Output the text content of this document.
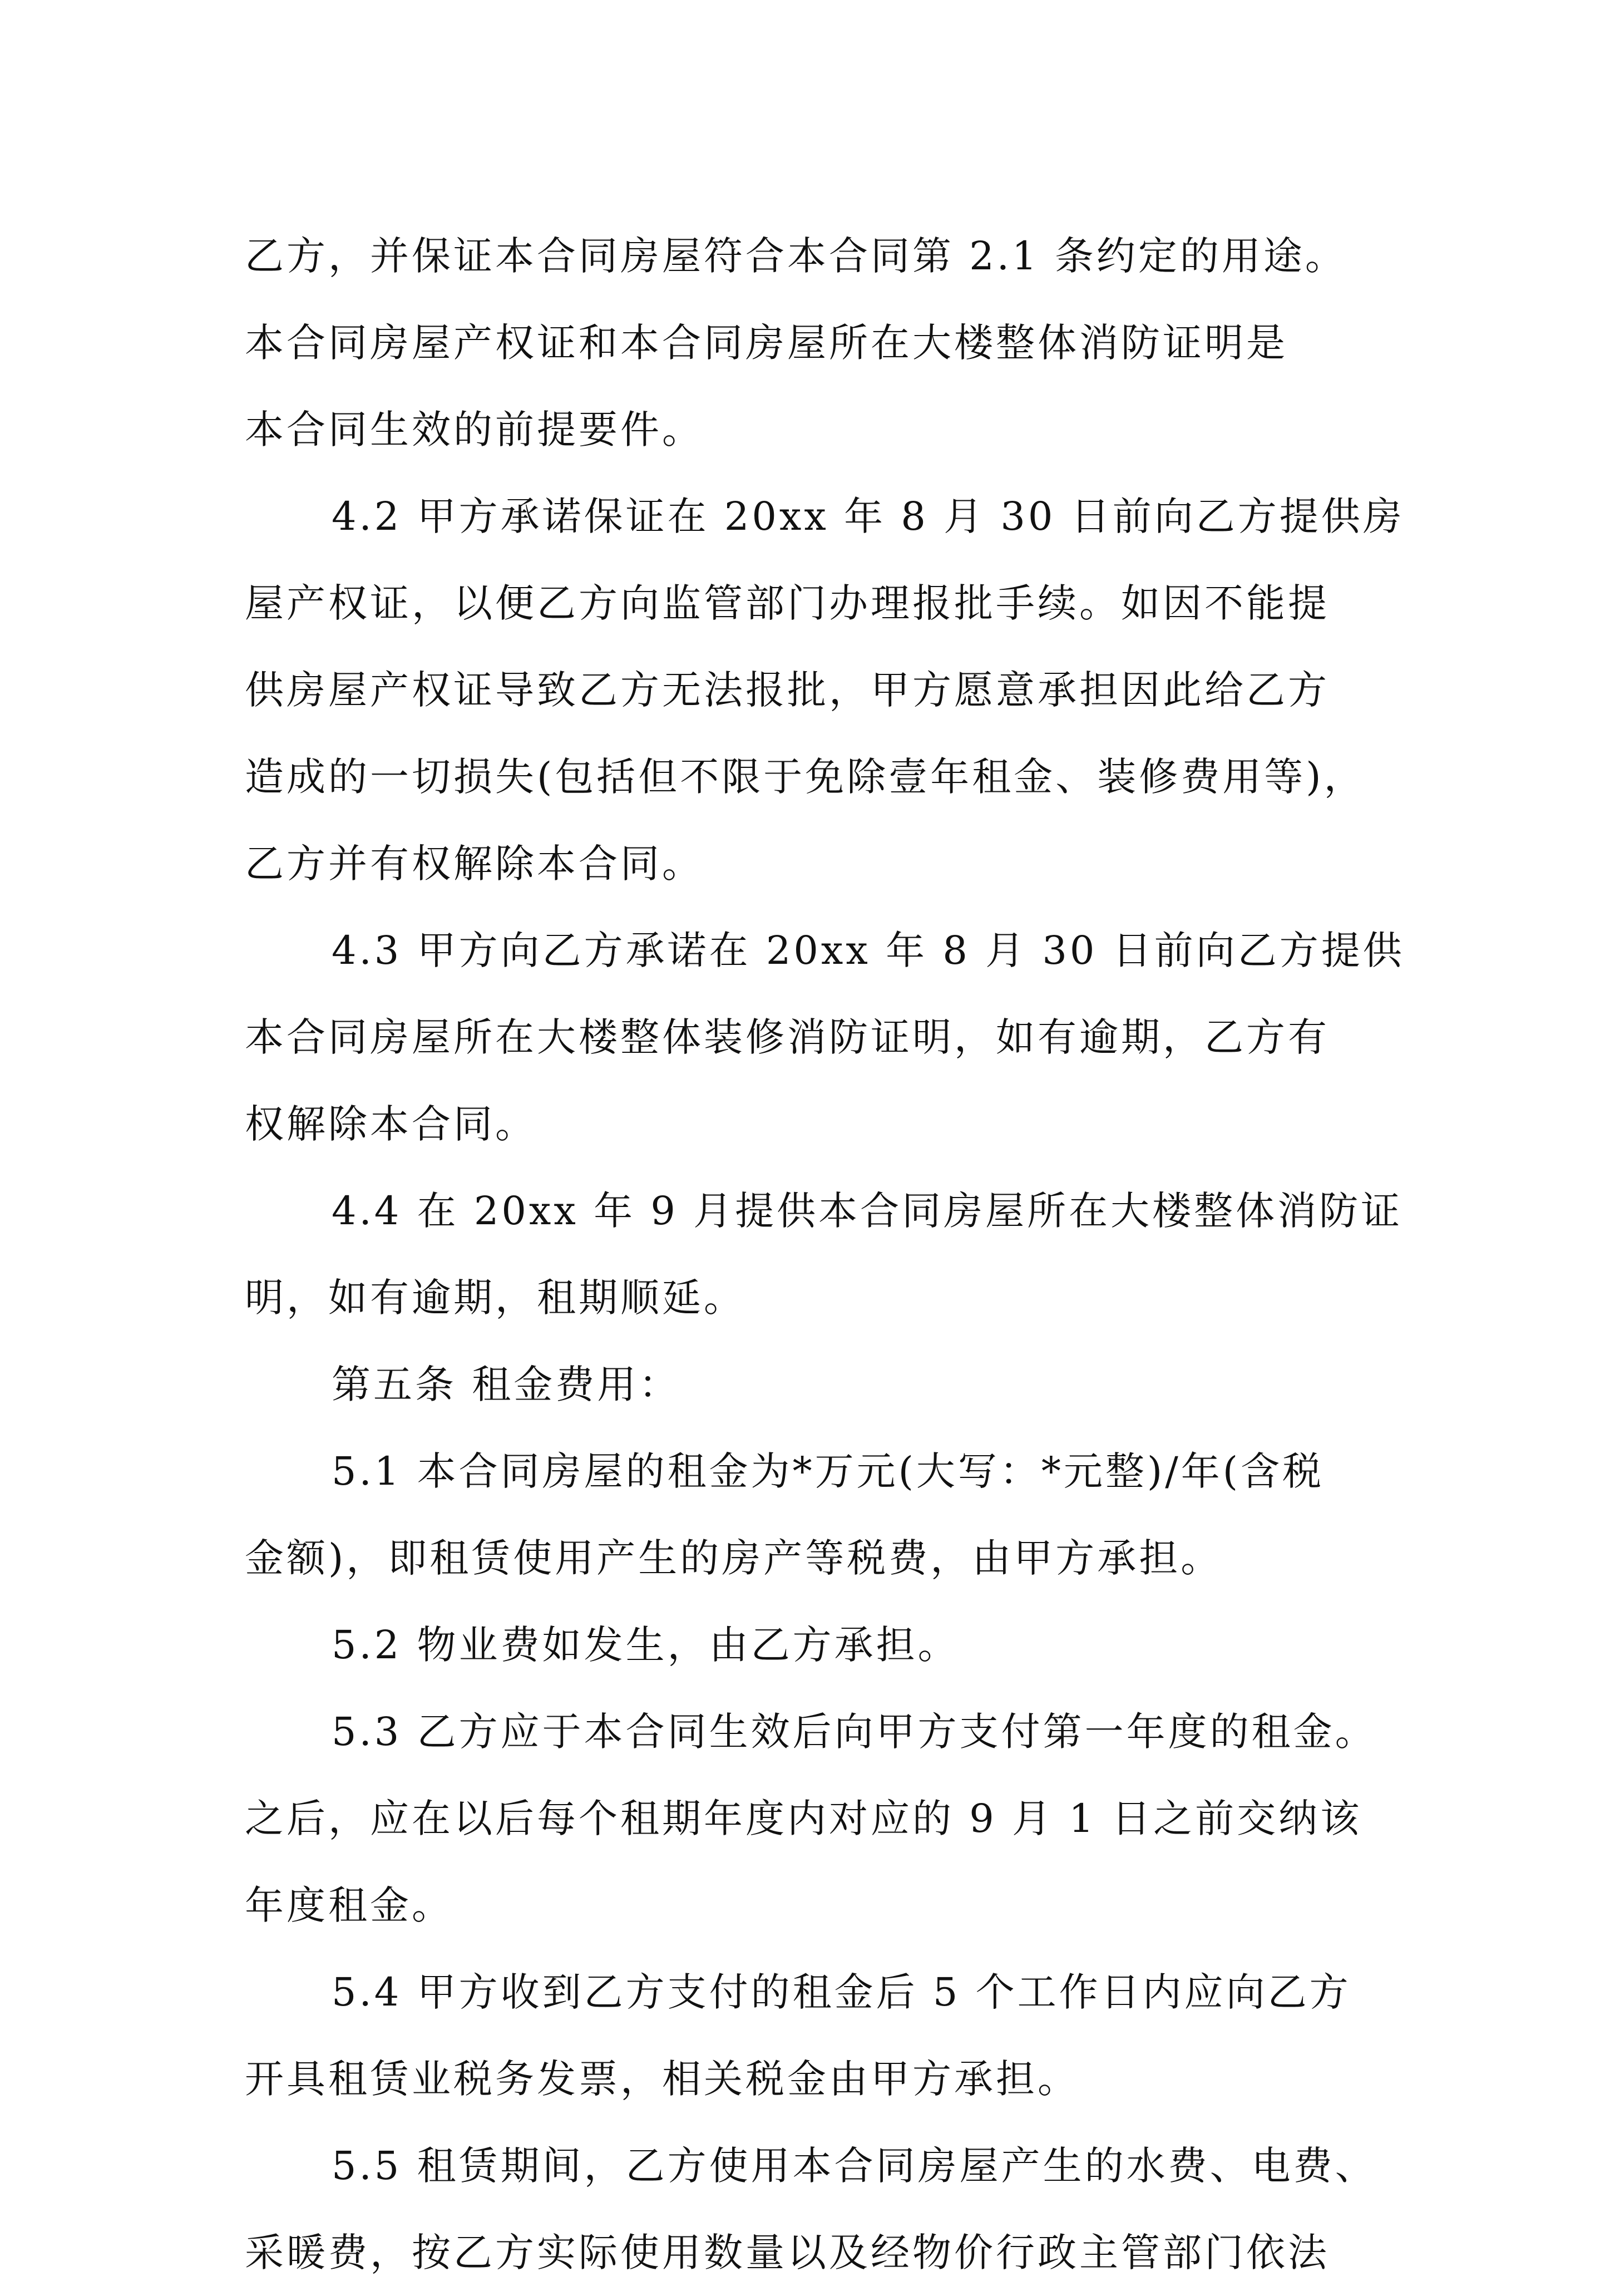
乙方，并保证本合同房屋符合本合同第 2.1 条约定的用途。
本合同房屋产权证和本合同房屋所在大楼整体消防证明是
本合同生效的前提要件。
4.2 甲方承诺保证在 20xx 年 8 月 30 日前向乙方提供房
屋产权证，以便乙方向监管部门办理报批手续。如因不能提
供房屋产权证导致乙方无法报批，甲方愿意承担因此给乙方
造成的一切损失(包括但不限于免除壹年租金、装修费用等)，
乙方并有权解除本合同。
4.3 甲方向乙方承诺在 20xx 年 8 月 30 日前向乙方提供
本合同房屋所在大楼整体装修消防证明，如有逾期，乙方有
权解除本合同。
4.4 在 20xx 年 9 月提供本合同房屋所在大楼整体消防证
明，如有逾期，租期顺延。
第五条 租金费用：
5.1 本合同房屋的租金为*万元(大写：*元整)/年(含税
金额)，即租赁使用产生的房产等税费，由甲方承担。
5.2 物业费如发生，由乙方承担。
5.3 乙方应于本合同生效后向甲方支付第一年度的租金。
之后，应在以后每个租期年度内对应的 9 月 1 日之前交纳该
年度租金。
5.4 甲方收到乙方支付的租金后 5 个工作日内应向乙方
开具租赁业税务发票，相关税金由甲方承担。
5.5 租赁期间，乙方使用本合同房屋产生的水费、电费、
采暖费，按乙方实际使用数量以及经物价行政主管部门依法
